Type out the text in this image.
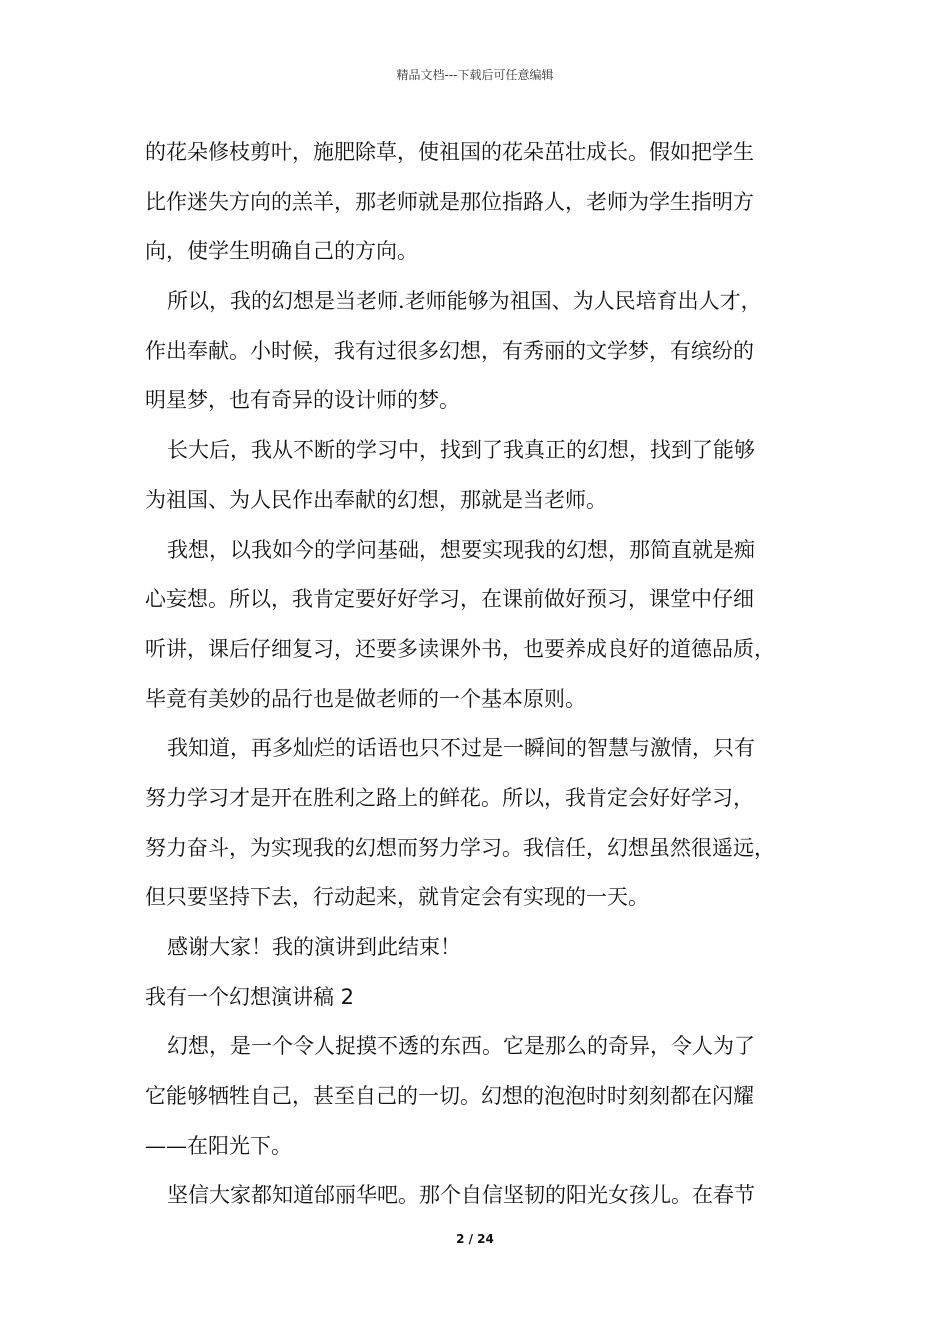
精品文档---下载后可任意编辑
的花朵修枝剪叶，施肥除草，使祖国的花朵茁壮成长。假如把学生
比作迷失方向的羔羊，那老师就是那位指路人，老师为学生指明方
向，使学生明确自己的方向。
所以，我的幻想是当老师.老师能够为祖国、为人民培育出人才，
作出奉献。小时候，我有过很多幻想，有秀丽的文学梦，有缤纷的
明星梦，也有奇异的设计师的梦。
长大后，我从不断的学习中，找到了我真正的幻想，找到了能够
为祖国、为人民作出奉献的幻想，那就是当老师。
我想，以我如今的学问基础，想要实现我的幻想，那简直就是痴
心妄想。所以，我肯定要好好学习，在课前做好预习，课堂中仔细
听讲，课后仔细复习，还要多读课外书，也要养成良好的道德品质，
毕竟有美妙的品行也是做老师的一个基本原则。
我知道，再多灿烂的话语也只不过是一瞬间的智慧与激情，只有
努力学习才是开在胜利之路上的鲜花。所以，我肯定会好好学习，
努力奋斗，为实现我的幻想而努力学习。我信任，幻想虽然很遥远，
但只要坚持下去，行动起来，就肯定会有实现的一天。
感谢大家！我的演讲到此结束！
我有一个幻想演讲稿 2
幻想，是一个令人捉摸不透的东西。它是那么的奇异，令人为了
它能够牺牲自己，甚至自己的一切。幻想的泡泡时时刻刻都在闪耀
——在阳光下。
坚信大家都知道邰丽华吧。那个自信坚韧的阳光女孩儿。在春节
2 / 24
